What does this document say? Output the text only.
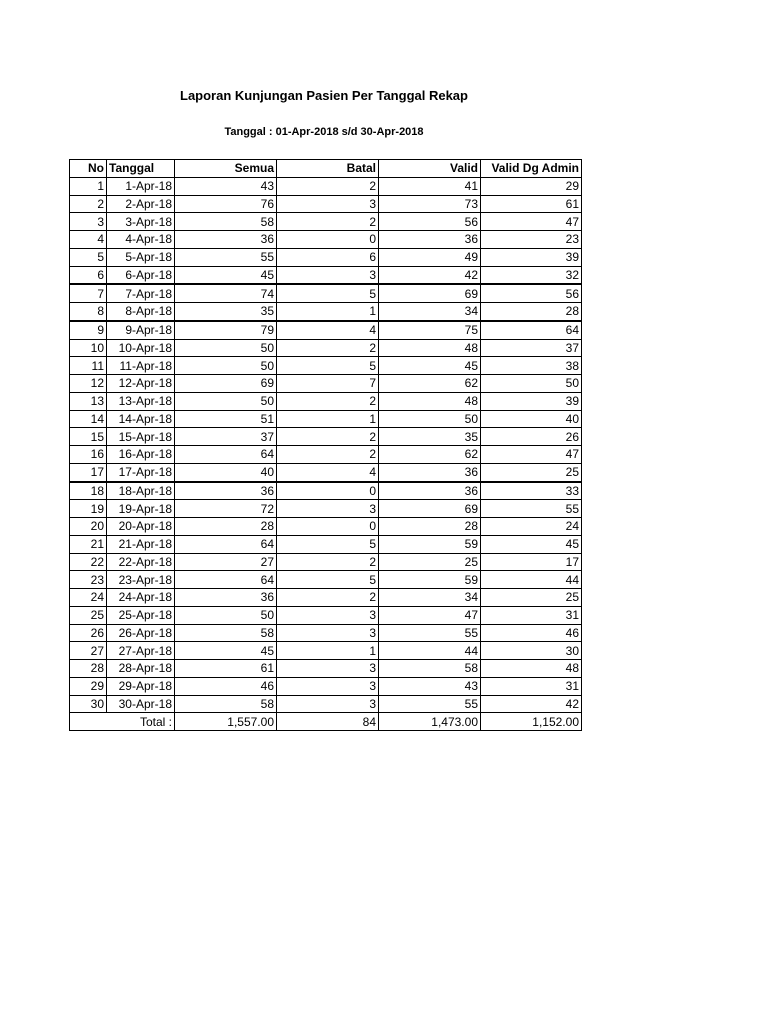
Laporan Kunjungan Pasien Per Tanggal Rekap
Tanggal : 01-Apr-2018 s/d 30-Apr-2018
No	Tanggal	Semua	Batal	Valid	Valid Dg Admin
1	1-Apr-18	43	2	41	29
2	2-Apr-18	76	3	73	61
3	3-Apr-18	58	2	56	47
4	4-Apr-18	36	0	36	23
5	5-Apr-18	55	6	49	39
6	6-Apr-18	45	3	42	32
7	7-Apr-18	74	5	69	56
8	8-Apr-18	35	1	34	28
9	9-Apr-18	79	4	75	64
10	10-Apr-18	50	2	48	37
11	11-Apr-18	50	5	45	38
12	12-Apr-18	69	7	62	50
13	13-Apr-18	50	2	48	39
14	14-Apr-18	51	1	50	40
15	15-Apr-18	37	2	35	26
16	16-Apr-18	64	2	62	47
17	17-Apr-18	40	4	36	25
18	18-Apr-18	36	0	36	33
19	19-Apr-18	72	3	69	55
20	20-Apr-18	28	0	28	24
21	21-Apr-18	64	5	59	45
22	22-Apr-18	27	2	25	17
23	23-Apr-18	64	5	59	44
24	24-Apr-18	36	2	34	25
25	25-Apr-18	50	3	47	31
26	26-Apr-18	58	3	55	46
27	27-Apr-18	45	1	44	30
28	28-Apr-18	61	3	58	48
29	29-Apr-18	46	3	43	31
30	30-Apr-18	58	3	55	42
Total :		1,557.00	84	1,473.00	1,152.00
